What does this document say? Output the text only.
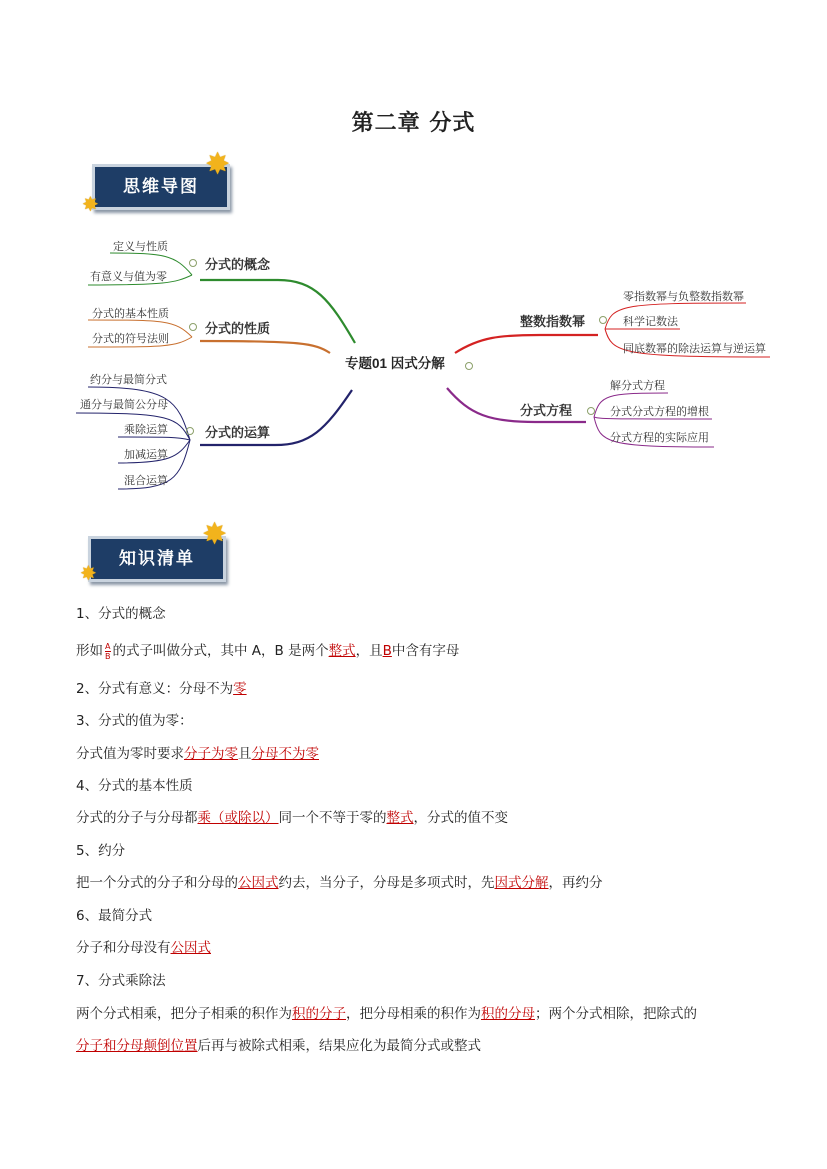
第二章 分式
思维导图
✸
✸
专题01 因式分解
分式的概念
定义与性质
有意义与值为零
分式的性质
分式的基本性质
分式的符号法则
分式的运算
约分与最简分式
通分与最简公分母
乘除运算
加减运算
混合运算
整数指数幂
零指数幂与负整数指数幂
科学记数法
同底数幂的除法运算与逆运算
分式方程
解分式方程
分式分式方程的增根
分式方程的实际应用
知识清单
✸
✸
1、分式的概念
形如 $\frac{A}{B}$ 的式子叫做分式，其中 A，B 是两个整式，且B中含有字母
2、分式有意义：分母不为零
3、分式的值为零：
分式值为零时要求分子为零且分母不为零
4、分式的基本性质
分式的分子与分母都乘（或除以）同一个不等于零的整式，分式的值不变
5、约分
把一个分式的分子和分母的公因式约去，当分子，分母是多项式时，先因式分解，再约分
6、最简分式
分子和分母没有公因式
7、分式乘除法
两个分式相乘，把分子相乘的积作为积的分子，把分母相乘的积作为积的分母；两个分式相除，把除式的
分子和分母颠倒位置后再与被除式相乘，结果应化为最简分式或整式
